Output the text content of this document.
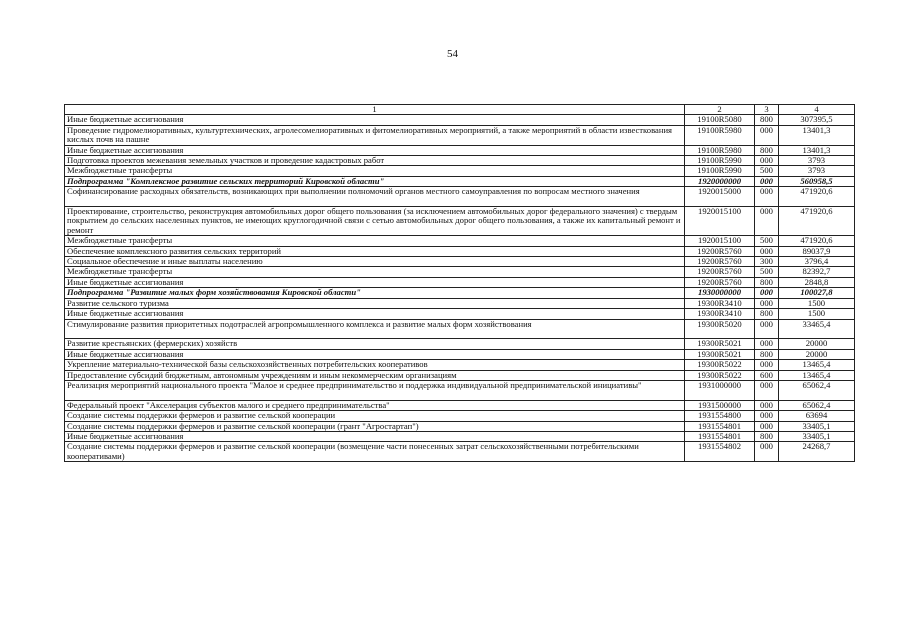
54
1	2	3	4
Иные бюджетные ассигнования	19100R5080	800	307395,5
Проведение гидромелиоративных, культуртехнических, агролесомелиоративных и фитомелиоративных мероприятий, а также мероприятий в области известкования кислых почв на пашне	19100R5980	000	13401,3
Иные бюджетные ассигнования	19100R5980	800	13401,3
Подготовка проектов межевания земельных участков и проведение кадастровых работ	19100R5990	000	3793
Межбюджетные трансферты	19100R5990	500	3793
Подпрограмма "Комплексное развитие сельских территорий Кировской области"	1920000000	000	560958,5
Софинансирование расходных обязательств, возникающих при выполнении полномочий органов местного самоуправления по вопросам местного значения	1920015000	000	471920,6
Проектирование, строительство, реконструкция автомобильных дорог общего пользования (за исключением автомобильных дорог федерального значения) с твердым покрытием до сельских населенных пунктов, не имеющих круглогодичной связи с сетью автомобильных дорог общего пользования, а также их капитальный ремонт и ремонт	1920015100	000	471920,6
Межбюджетные трансферты	1920015100	500	471920,6
Обеспечение комплексного развития сельских территорий	19200R5760	000	89037,9
Социальное обеспечение и иные выплаты населению	19200R5760	300	3796,4
Межбюджетные трансферты	19200R5760	500	82392,7
Иные бюджетные ассигнования	19200R5760	800	2848,8
Подпрограмма "Развитие малых форм хозяйствования Кировской области"	1930000000	000	100027,8
Развитие сельского туризма	19300R3410	000	1500
Иные бюджетные ассигнования	19300R3410	800	1500
Стимулирование развития приоритетных подотраслей агропромышленного комплекса и развитие малых форм хозяйствования	19300R5020	000	33465,4
Развитие крестьянских (фермерских) хозяйств	19300R5021	000	20000
Иные бюджетные ассигнования	19300R5021	800	20000
Укрепление материально-технической базы сельскохозяйственных потребительских кооперативов	19300R5022	000	13465,4
Предоставление субсидий бюджетным, автономным учреждениям и иным некоммерческим организациям	19300R5022	600	13465,4
Реализация мероприятий национального проекта "Малое и среднее предпринимательство и поддержка индивидуальной предпринимательской инициативы"	1931000000	000	65062,4
Федеральный проект "Акселерация субъектов малого и среднего предпринимательства"	1931500000	000	65062,4
Создание системы поддержки фермеров и развитие сельской кооперации	1931554800	000	63694
Создание системы поддержки фермеров и развитие сельской кооперации (грант "Агростартап")	1931554801	000	33405,1
Иные бюджетные ассигнования	1931554801	800	33405,1
Создание системы поддержки фермеров и развитие сельской кооперации (возмещение части понесенных затрат сельскохозяйственными потребительскими кооперативами)	1931554802	000	24268,7
